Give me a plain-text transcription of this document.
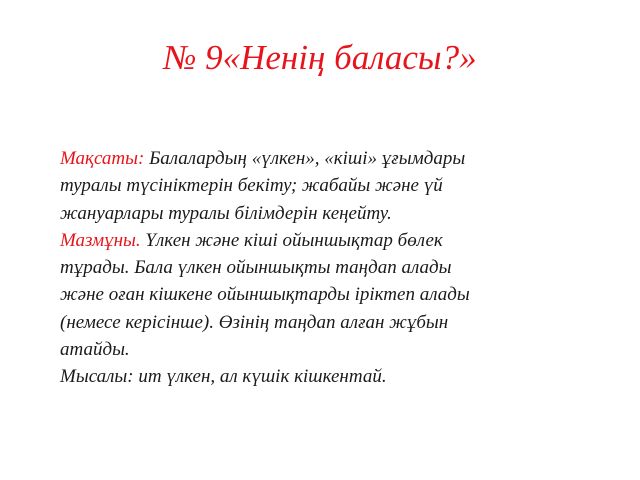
№ 9«Ненің баласы?»
Мақсаты: Балалардың «үлкен», «кіші» ұғымдары
туралы түсініктерін бекіту; жабайы және үй
жануарлары туралы білімдерін кеңейту.
Мазмұны. Үлкен және кіші ойыншықтар бөлек
тұрады. Бала үлкен ойыншықты таңдап алады
және оған кішкене ойыншықтарды іріктеп алады
(немесе керісінше). Өзінің таңдап алған жұбын
атайды.
Мысалы: ит үлкен, ал күшік кішкентай.
